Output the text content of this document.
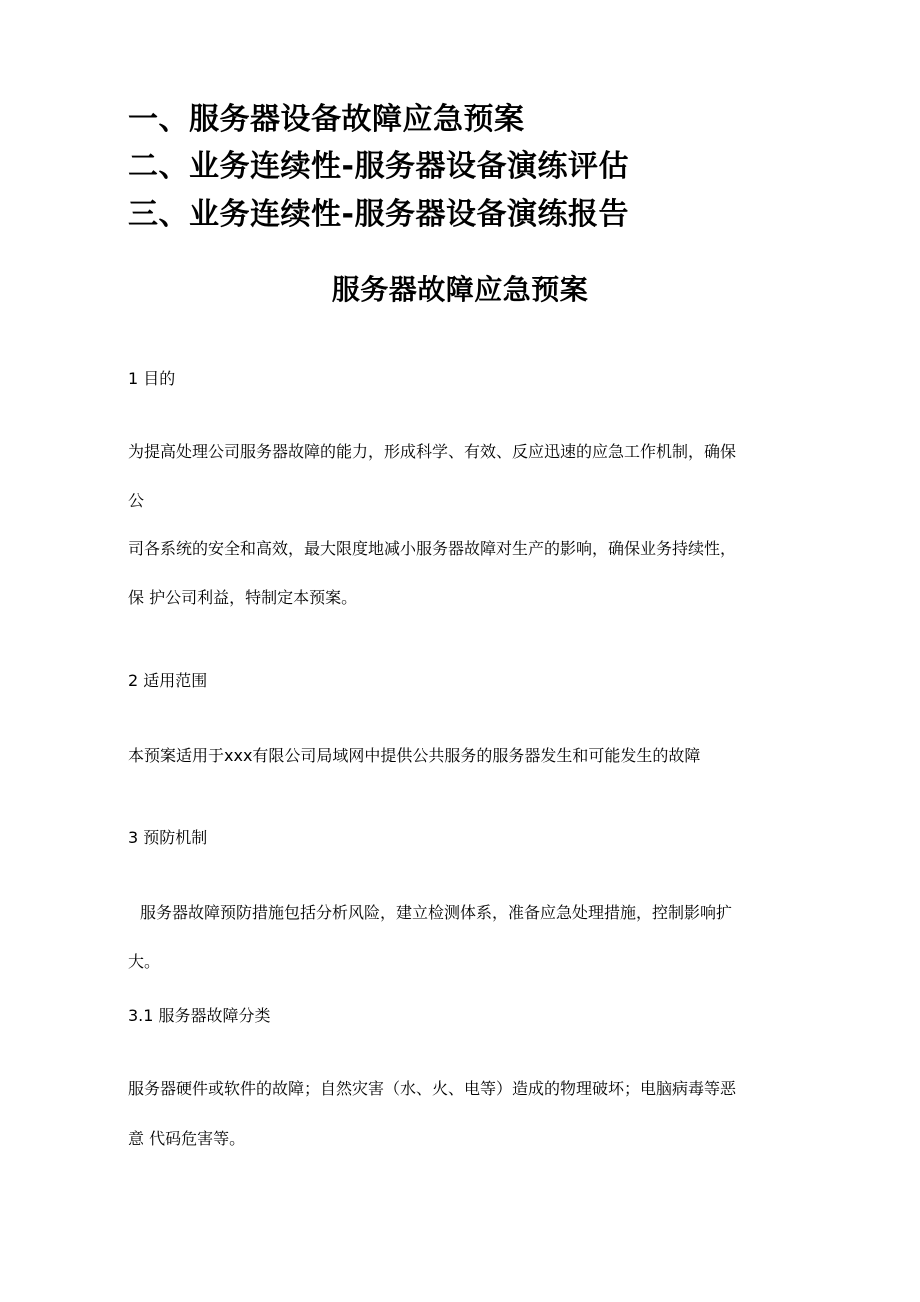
一、服务器设备故障应急预案
二、业务连续性-服务器设备演练评估
三、业务连续性-服务器设备演练报告
服务器故障应急预案
1 目的
为提高处理公司服务器故障的能力，形成科学、有效、反应迅速的应急工作机制，确保
公
司各系统的安全和高效，最大限度地减小服务器故障对生产的影响，确保业务持续性，
保 护公司利益，特制定本预案。
2 适用范围
本预案适用于xxx有限公司局域网中提供公共服务的服务器发生和可能发生的故障
3 预防机制
服务器故障预防措施包括分析风险，建立检测体系，准备应急处理措施，控制影响扩
大。
3.1 服务器故障分类
服务器硬件或软件的故障；自然灾害（水、火、电等）造成的物理破坏；电脑病毒等恶
意 代码危害等。
